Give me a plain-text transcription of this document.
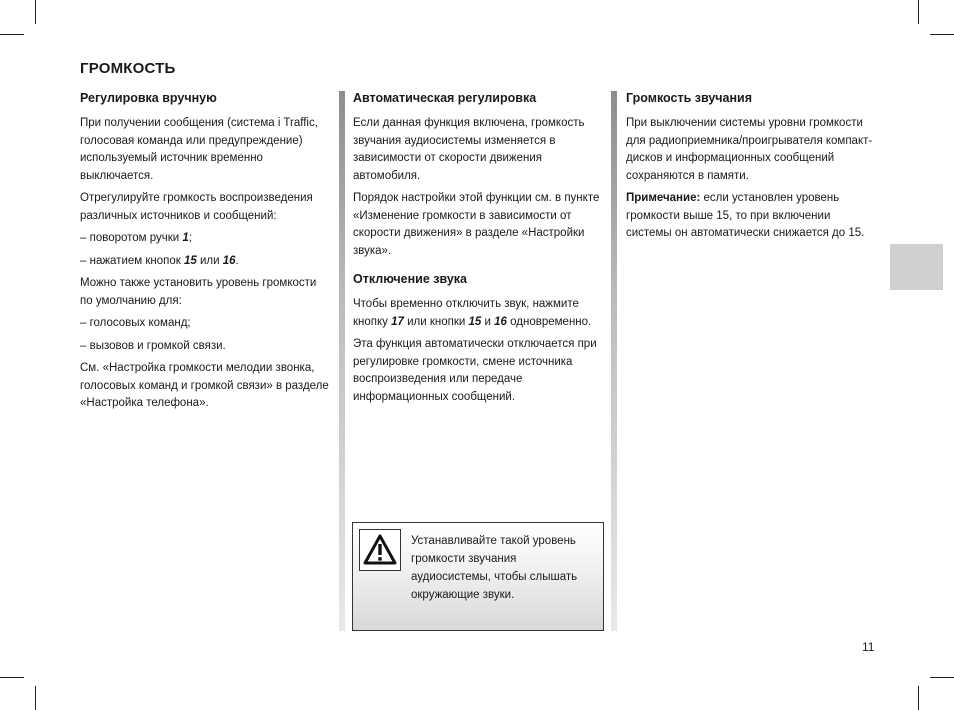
ГРОМКОСТЬ
Регулировка вручную

При получении сообщения (система i Traffic, голосовая команда или предупреждение) используемый источник временно выключается.

Отрегулируйте громкость воспроизведения различных источников и сообщений:

– поворотом ручки 1;

– нажатием кнопок 15 или 16.

Можно также установить уровень громкости по умолчанию для:

– голосовых команд;

– вызовов и громкой связи.

См. «Настройка громкости мелодии звонка, голосовых команд и громкой связи» в разделе «Настройка телефона».

Автоматическая регулировка

Если данная функция включена, громкость звучания аудиосистемы изменяется в зависимости от скорости движения автомобиля.

Порядок настройки этой функции см. в пункте «Изменение громкости в зависимости от скорости движения» в разделе «Настройки звука».

Отключение звука

Чтобы временно отключить звук, нажмите кнопку 17 или кнопки 15 и 16 одновременно.

Эта функция автоматически отключается при регулировке громкости, смене источника воспроизведения или передаче информационных сообщений.

Громкость звучания

При выключении системы уровни громкости для радиоприемника/проигрывателя компакт-дисков и информационных сообщений сохраняются в памяти.

Примечание: если установлен уровень громкости выше 15, то при включении системы он автоматически снижается до 15.

Устанавливайте такой уровень громкости звучания аудиосистемы, чтобы слышать окружающие звуки.

11
